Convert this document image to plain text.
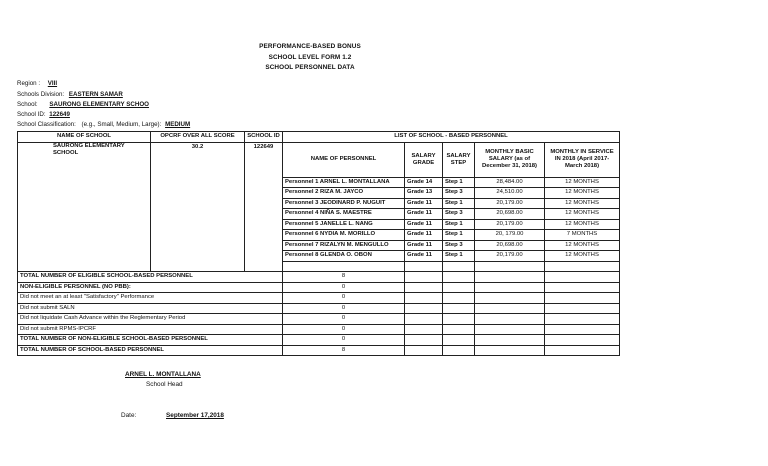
PERFORMANCE-BASED BONUS
SCHOOL LEVEL FORM 1.2
SCHOOL PERSONNEL DATA
Region : VIII
Schools Division: EASTERN SAMAR
School: SAURONG ELEMENTARY SCHOO
School ID: 122649
School Classification: (e.g., Small, Medium, Large): MEDIUM
NAME OF SCHOOL	OPCRF OVER ALL SCORE	SCHOOL ID	LIST OF SCHOOL - BASED PERSONNEL				
SAURONG ELEMENTARY SCHOOL	30.2	122649	NAME OF PERSONNEL	SALARY GRADE	SALARY STEP	MONTHLY BASIC SALARY (as of December 31, 2018)	MONTHLY IN SERVICE IN 2018 (April 2017-March 2018)
			Personnel 1 ARNEL L. MONTALLANA	Grade 14	Step 1	28,484.00	12 MONTHS
			Personnel 2 RIZA M. JAYCO	Grade 13	Step 3	24,510.00	12 MONTHS
			Personnel 3 JEODINARD P. NUGUIT	Grade 11	Step 1	20,179.00	12 MONTHS
			Personnel 4 NIÑA S. MAESTRE	Grade 11	Step 3	20,698.00	12 MONTHS
			Personnel 5 JANELLE L. NANG	Grade 11	Step 1	20,179.00	12 MONTHS
			Personnel 6 NYDIA M. MORILLO	Grade 11	Step 1	20, 179.00	7 MONTHS
			Personnel 7 RIZALYN M. MENGULLO	Grade 11	Step 3	20,698.00	12 MONTHS
			Personnel 8 GLENDA O. OBON	Grade 11	Step 1	20,179.00	12 MONTHS

TOTAL NUMBER OF ELIGIBLE SCHOOL-BASED PERSONNEL			8				
NON-ELIGIBLE PERSONNEL (NO PBB):			0				
Did not meet an at least "Satisfactory" Performance			0				
Did not submit SALN			0				
Did not liquidate Cash Advance within the Reglementary Period			0				
Did not submit RPMS-IPCRF			0				
TOTAL NUMBER OF NON-ELIGIBLE SCHOOL-BASED PERSONNEL			0				
TOTAL NUMBER OF SCHOOL-BASED PERSONNEL			8				
ARNEL L. MONTALLANA
School Head
Date:	September 17,2018
